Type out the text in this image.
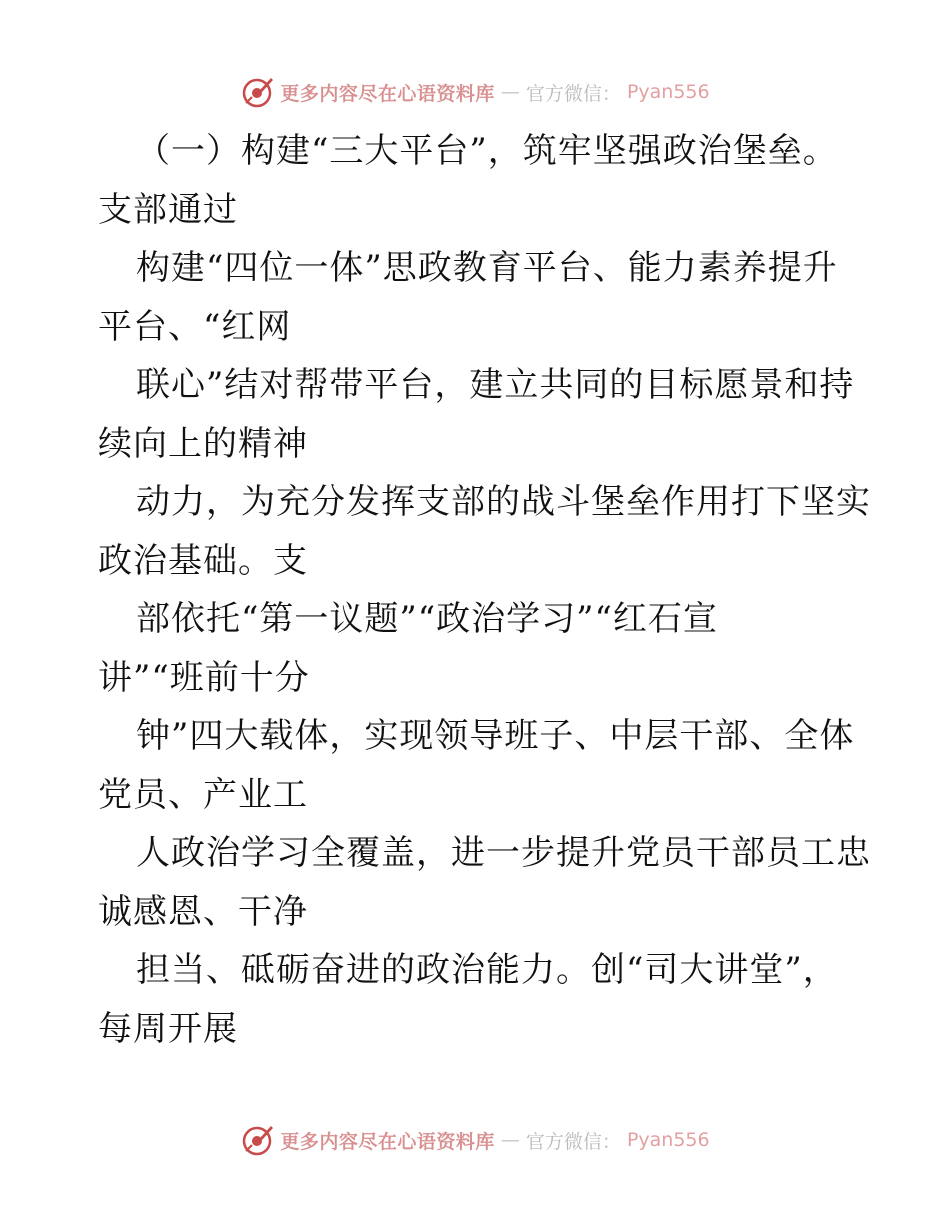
更多内容尽在心语资料库 — 官方微信： Pyan556
（一）构建“三大平台”，筑牢坚强政治堡垒。
支部通过
构建“四位一体”思政教育平台、能力素养提升
平台、“红网
联心”结对帮带平台，建立共同的目标愿景和持
续向上的精神
动力，为充分发挥支部的战斗堡垒作用打下坚实
政治基础。支
部依托“第一议题”“政治学习”“红石宣
讲”“班前十分
钟”四大载体，实现领导班子、中层干部、全体
党员、产业工
人政治学习全覆盖，进一步提升党员干部员工忠
诚感恩、干净
担当、砥砺奋进的政治能力。创“司大讲堂”，
每周开展
更多内容尽在心语资料库 — 官方微信： Pyan556
